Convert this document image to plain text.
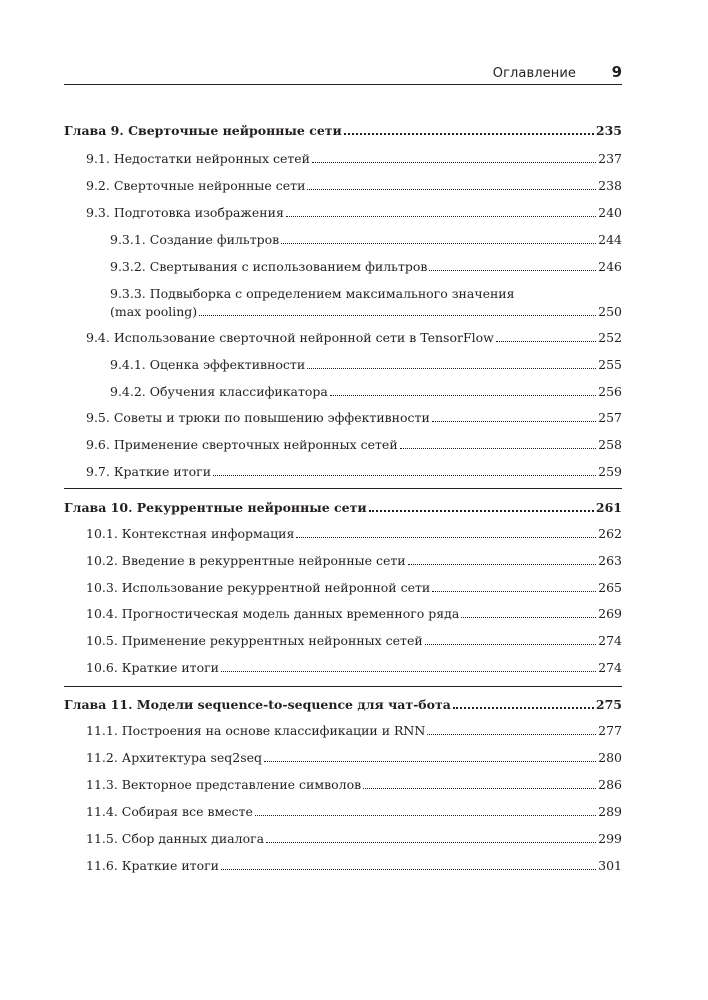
Оглавление 9
Глава 9. Сверточные нейронные сети	235
9.1. Недостатки нейронных сетей	237
9.2. Сверточные нейронные сети	238
9.3. Подготовка изображения	240
9.3.1. Создание фильтров	244
9.3.2. Свертывания с использованием фильтров	246
9.3.3. Подвыборка с определением максимального значения
(max pooling)	250
9.4. Использование сверточной нейронной сети в TensorFlow	252
9.4.1. Оценка эффективности	255
9.4.2. Обучения классификатора	256
9.5. Советы и трюки по повышению эффективности	257
9.6. Применение сверточных нейронных сетей	258
9.7. Краткие итоги	259
Глава 10. Рекуррентные нейронные сети	261
10.1. Контекстная информация	262
10.2. Введение в рекуррентные нейронные сети	263
10.3. Использование рекуррентной нейронной сети	265
10.4. Прогностическая модель данных временного ряда	269
10.5. Применение рекуррентных нейронных сетей	274
10.6. Краткие итоги	274
Глава 11. Модели sequence-to-sequence для чат-бота	275
11.1. Построения на основе классификации и RNN	277
11.2. Архитектура seq2seq	280
11.3. Векторное представление символов	286
11.4. Собирая все вместе	289
11.5. Сбор данных диалога	299
11.6. Краткие итоги	301
